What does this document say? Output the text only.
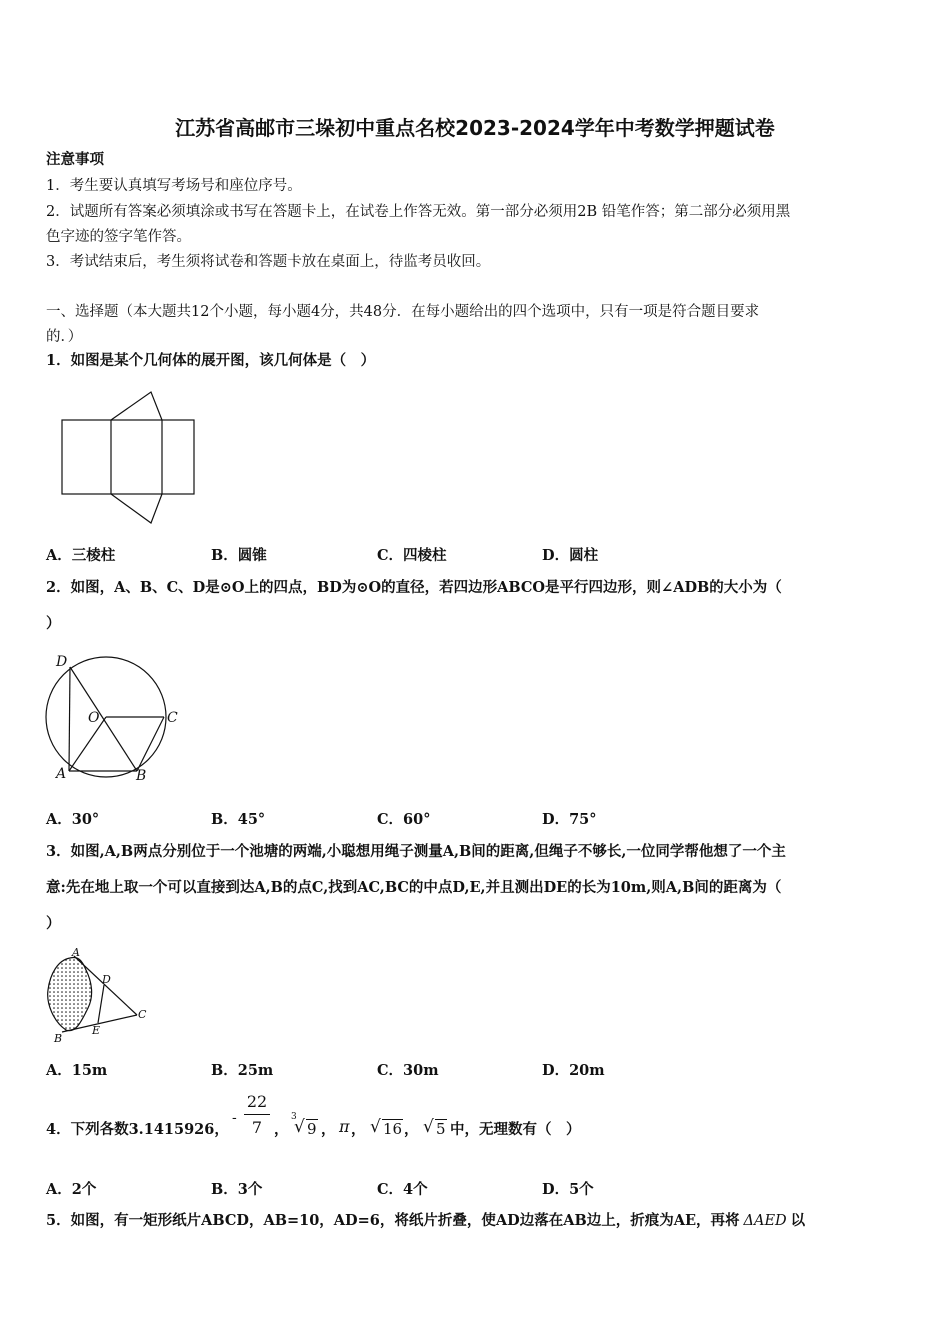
江苏省高邮市三垛初中重点名校2023-2024学年中考数学押题试卷
注意事项
1．考生要认真填写考场号和座位序号。
2．试题所有答案必须填涂或书写在答题卡上，在试卷上作答无效。第一部分必须用2B 铅笔作答；第二部分必须用黑
色字迹的签字笔作答。
3．考试结束后，考生须将试卷和答题卡放在桌面上，待监考员收回。
一、选择题（本大题共12个小题，每小题4分，共48分．在每小题给出的四个选项中，只有一项是符合题目要求
的．）
1．如图是某个几何体的展开图，该几何体是（　）
A．三棱柱	B．圆锥	C．四棱柱	D．圆柱
2．如图，A、B、C、D是⊙O上的四点，BD为⊙O的直径，若四边形ABCO是平行四边形，则∠ADB的大小为（
）
D
O	C
A	B
A．30°	B．45°	C．60°	D．75°
3．如图,A,B两点分别位于一个池塘的两端,小聪想用绳子测量A,B间的距离,但绳子不够长,一位同学帮他想了一个主
意:先在地上取一个可以直接到达A,B的点C,找到AC,BC的中点D,E,并且测出DE的长为10m,则A,B间的距离为（
）
A
D
C
E
B
A．15m	B．25m	C．30m	D．20m
4．下列各数3.1415926，
-
22
7 ，
3
√ 9 ， π ， √ 16 ， √ 5 中，无理数有（　）
A．2个	B．3个	C．4个	D．5个
5．如图，有一矩形纸片ABCD，AB=10，AD=6，将纸片折叠，使AD边落在AB边上，折痕为AE，再将 ΔAED 以
